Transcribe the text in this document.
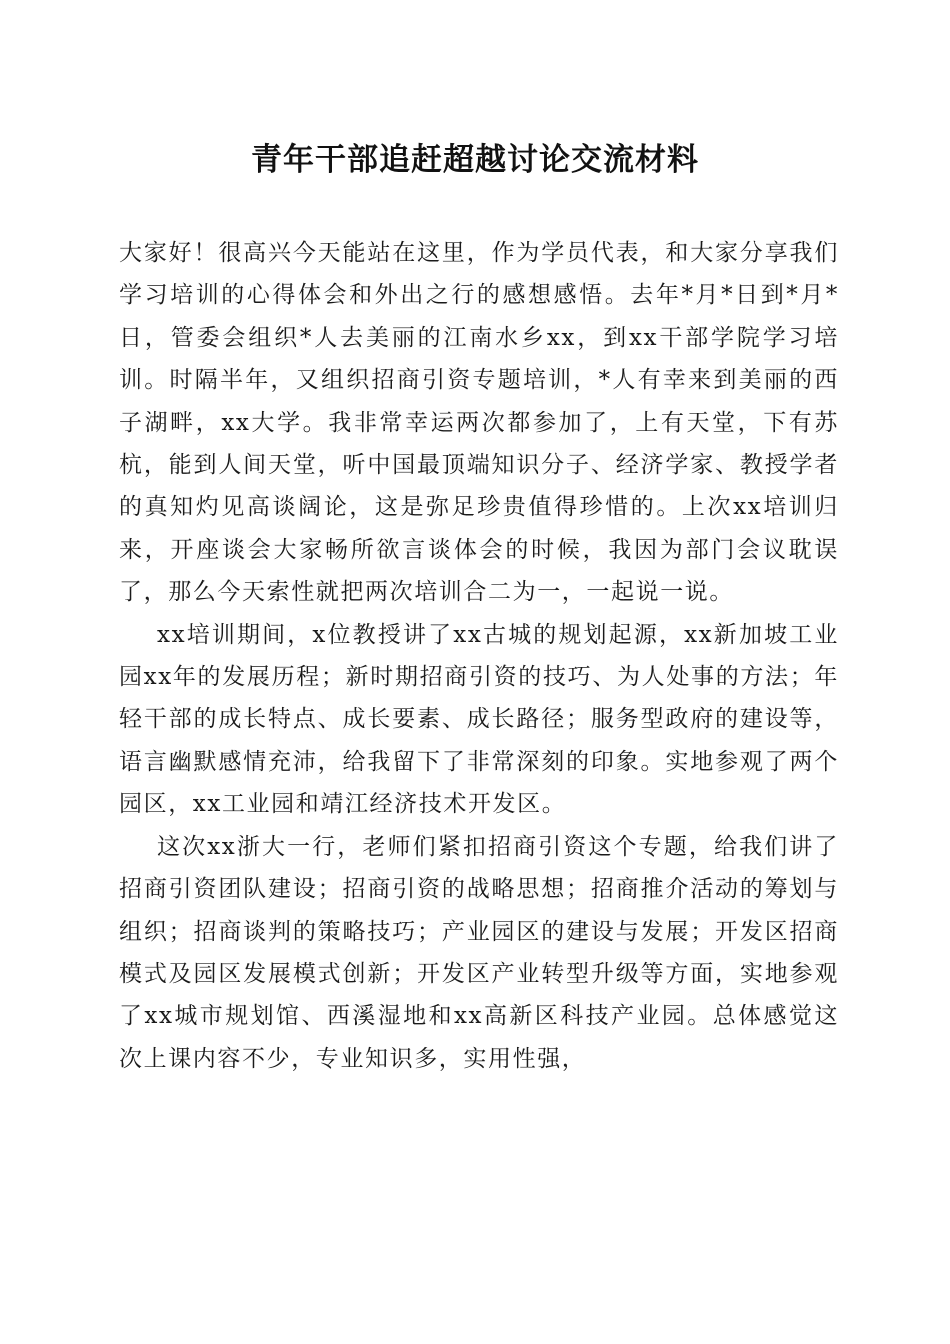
青年干部追赶超越讨论交流材料

大家好！很高兴今天能站在这里，作为学员代表，和大家分享我们学习培训的心得体会和外出之行的感想感悟。去年*月*日到*月*日，管委会组织*人去美丽的江南水乡xx，到xx干部学院学习培训。时隔半年，又组织招商引资专题培训，*人有幸来到美丽的西子湖畔，xx大学。我非常幸运两次都参加了，上有天堂，下有苏杭，能到人间天堂，听中国最顶端知识分子、经济学家、教授学者的真知灼见高谈阔论，这是弥足珍贵值得珍惜的。上次xx培训归来，开座谈会大家畅所欲言谈体会的时候，我因为部门会议耽误了，那么今天索性就把两次培训合二为一，一起说一说。

xx培训期间，x位教授讲了xx古城的规划起源，xx新加坡工业园xx年的发展历程；新时期招商引资的技巧、为人处事的方法；年轻干部的成长特点、成长要素、成长路径；服务型政府的建设等，语言幽默感情充沛，给我留下了非常深刻的印象。实地参观了两个园区，xx工业园和靖江经济技术开发区。

这次xx浙大一行，老师们紧扣招商引资这个专题，给我们讲了招商引资团队建设；招商引资的战略思想；招商推介活动的筹划与组织；招商谈判的策略技巧；产业园区的建设与发展；开发区招商模式及园区发展模式创新；开发区产业转型升级等方面，实地参观了xx城市规划馆、西溪湿地和xx高新区科技产业园。总体感觉这次上课内容不少，专业知识多，实用性强，
